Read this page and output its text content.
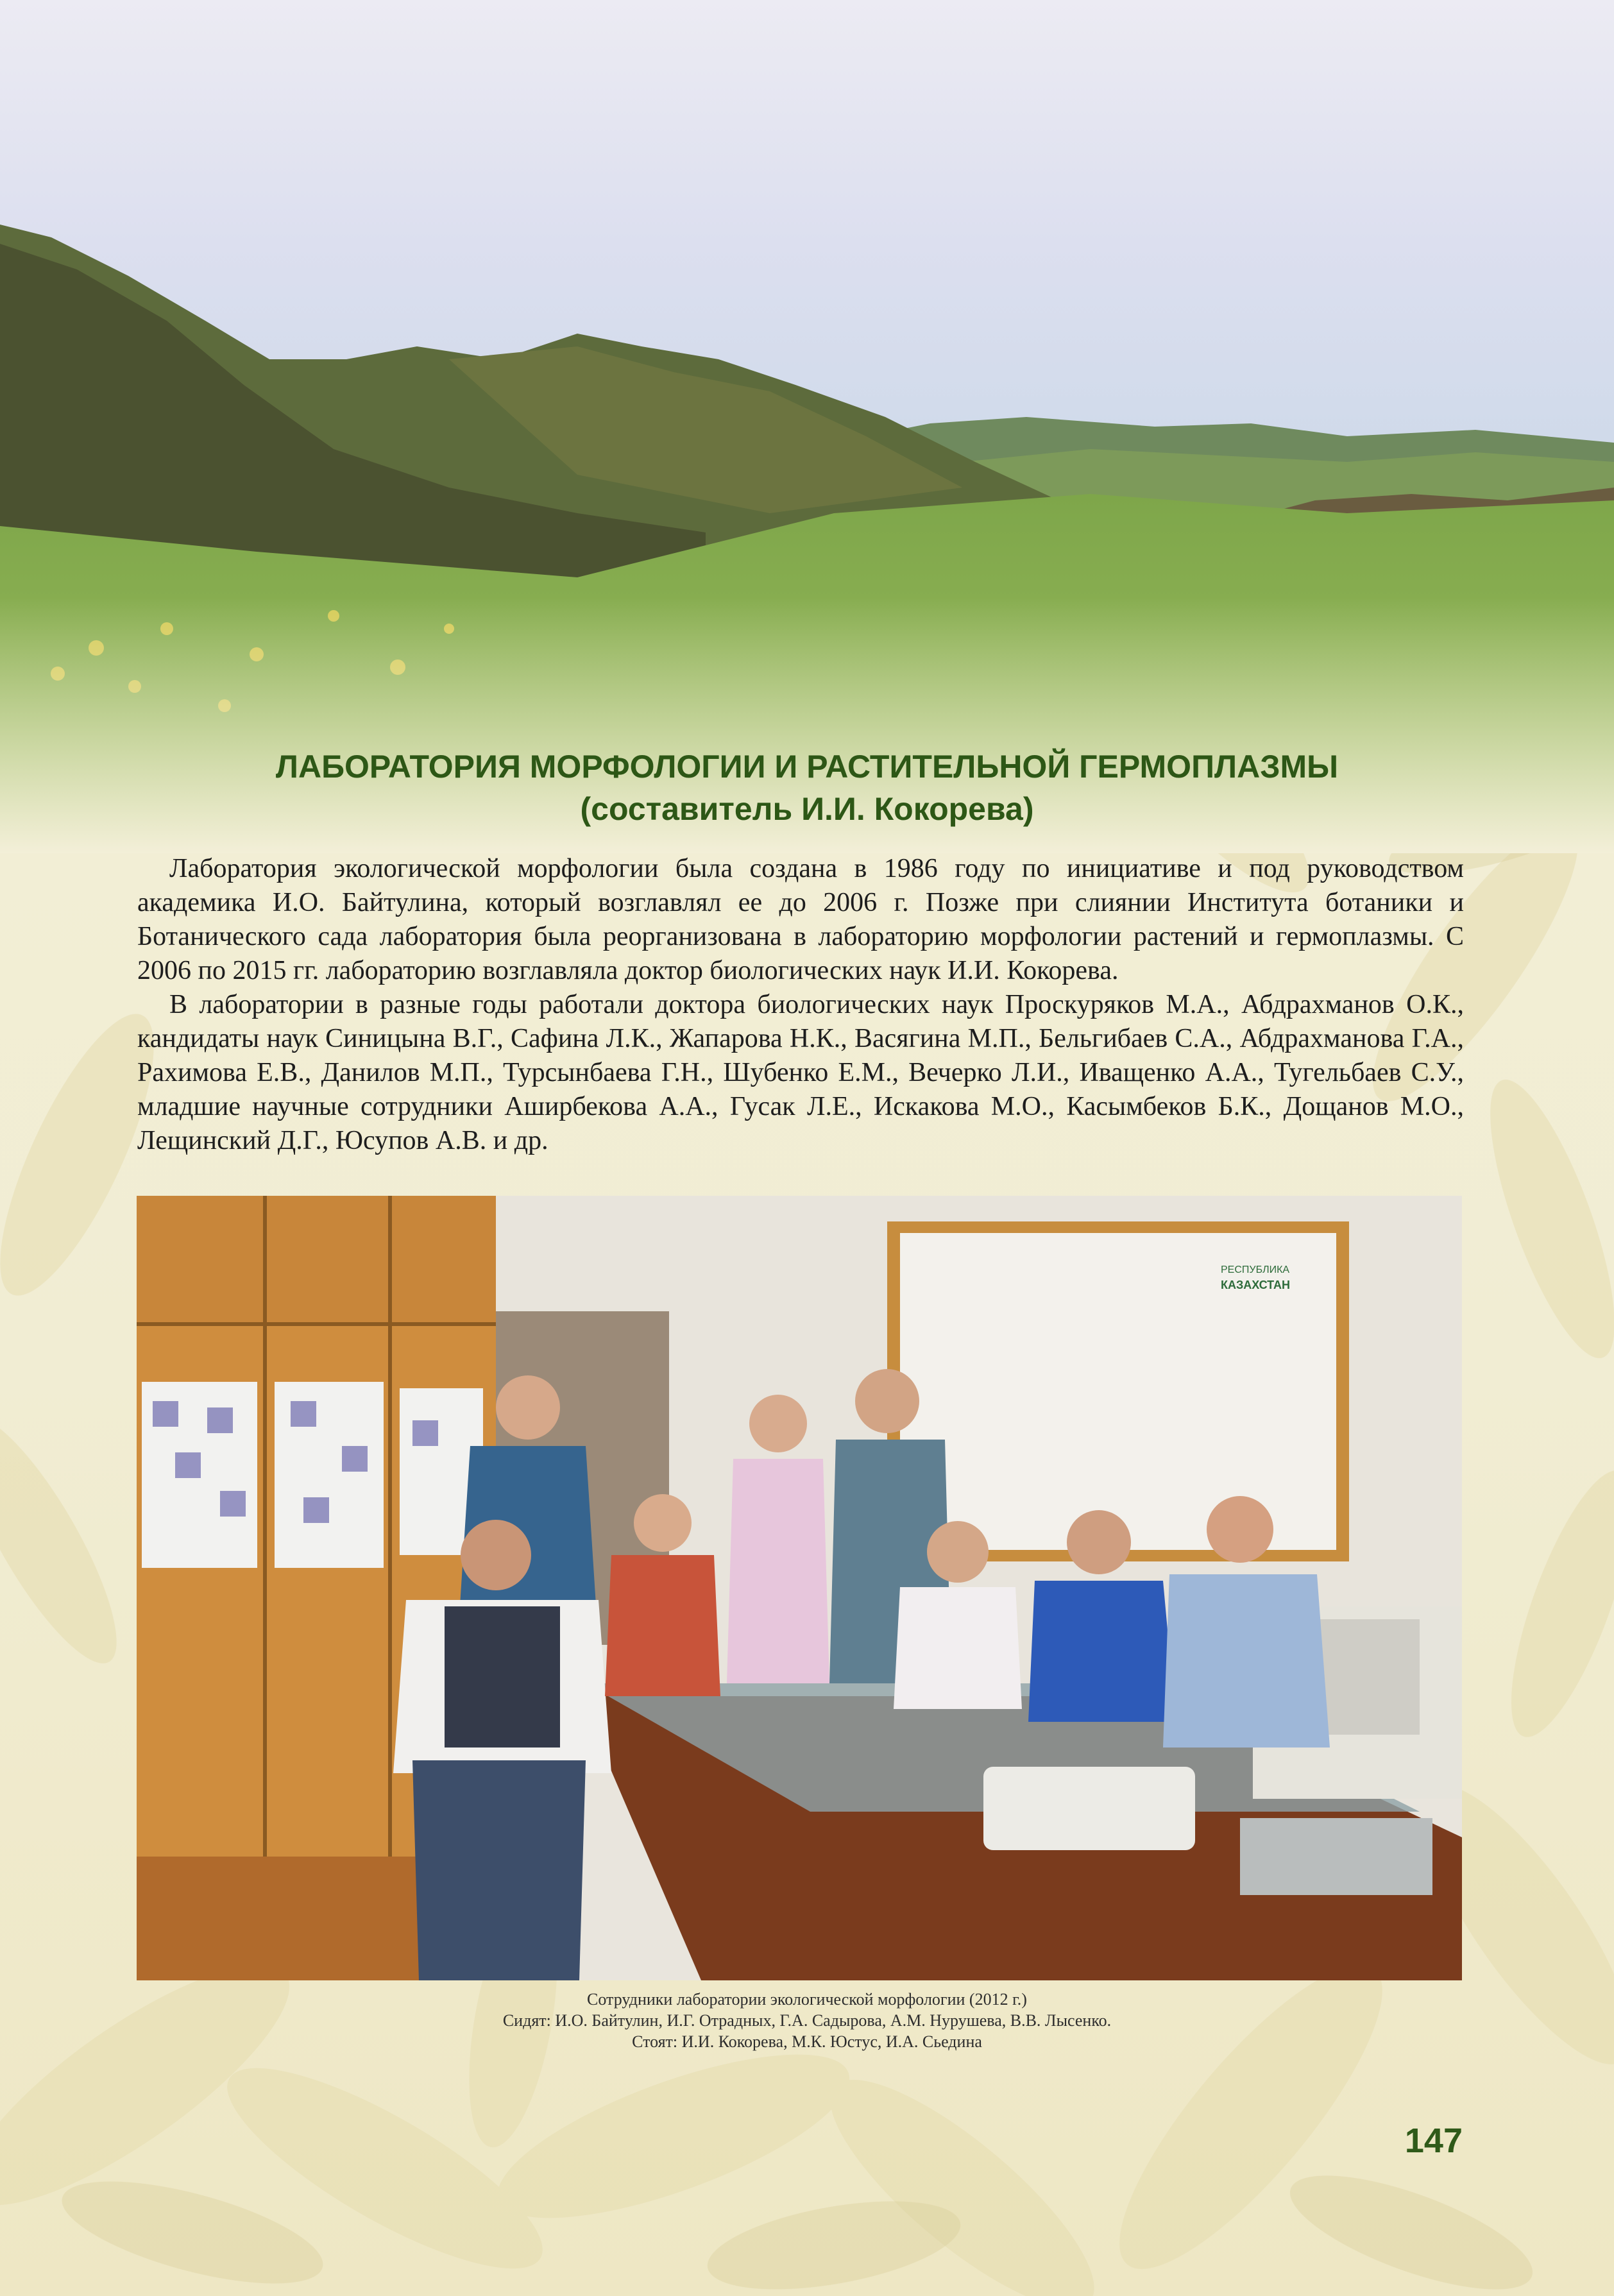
ЛАБОРАТОРИЯ МОРФОЛОГИИ И РАСТИТЕЛЬНОЙ ГЕРМОПЛАЗМЫ
(составитель И.И. Кокорева)

Лаборатория экологической морфологии была создана в 1986 году по инициативе и под руководством академика И.О. Байтулина, который возглавлял ее до 2006 г. Позже при слиянии Института ботаники и Ботанического сада лаборатория была реорганизована в лабораторию морфологии растений и гермоплазмы. С 2006 по 2015 гг. лабораторию возглавляла доктор биологических наук И.И. Кокорева.

В лаборатории в разные годы работали доктора биологических наук Проскуряков М.А., Абдрахманов О.К., кандидаты наук Синицына В.Г., Сафина Л.К., Жапарова Н.К., Васягина М.П., Бельгибаев С.А., Абдрахманова Г.А., Рахимова Е.В., Данилов М.П., Турсынбаева Г.Н., Шубенко Е.М., Вечерко Л.И., Иващенко А.А., Тугельбаев С.У., младшие научные сотрудники Аширбекова А.А., Гусак Л.Е., Искакова М.О., Касымбеков Б.К., Дощанов М.О., Лещинский Д.Г., Юсупов А.В. и др.

РЕСПУБЛИКА
КАЗАХСТАН
Сотрудники лаборатории экологической морфологии (2012 г.)
Сидят: И.О. Байтулин, И.Г. Отрадных, Г.А. Садырова, А.М. Нурушева, В.В. Лысенко.
Стоят: И.И. Кокорева, М.К. Юстус, И.А. Сьедина
147
